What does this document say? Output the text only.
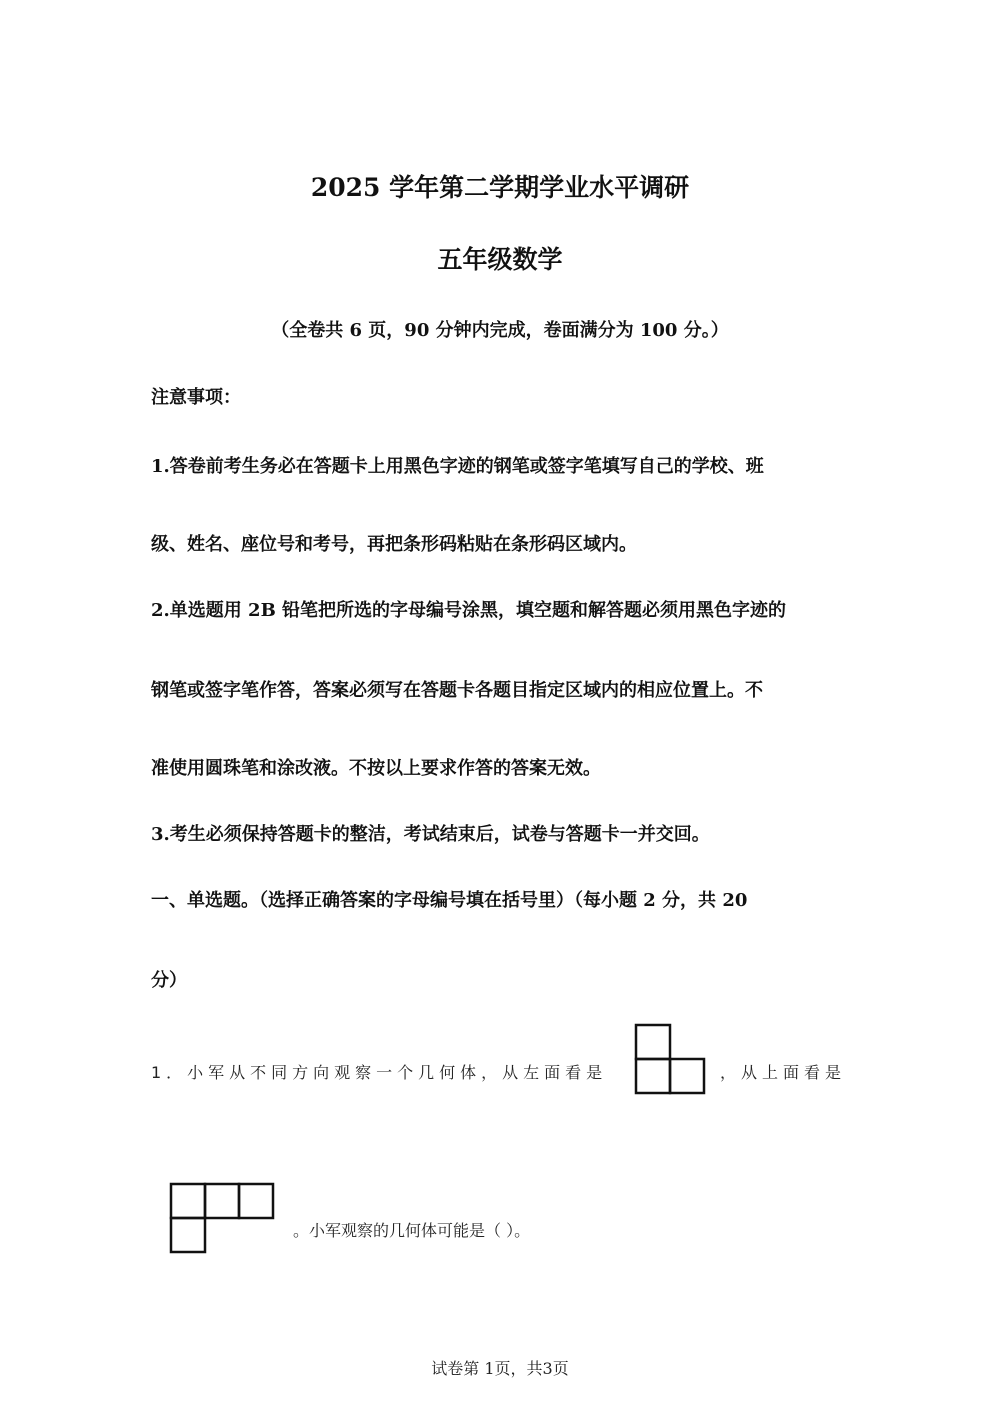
2025 学年第二学期学业水平调研
五年级数学
（全卷共 6 页，90 分钟内完成，卷面满分为 100 分。）
注意事项：
1.答卷前考生务必在答题卡上用黑色字迹的钢笔或签字笔填写自己的学校、班
级、姓名、座位号和考号，再把条形码粘贴在条形码区域内。
2.单选题用 2B 铅笔把所选的字母编号涂黑，填空题和解答题必须用黑色字迹的
钢笔或签字笔作答，答案必须写在答题卡各题目指定区域内的相应位置上。不
准使用圆珠笔和涂改液。不按以上要求作答的答案无效。
3.考生必须保持答题卡的整洁，考试结束后，试卷与答题卡一并交回。
一、单选题。（选择正确答案的字母编号填在括号里）（每小题 2 分，共 20
分）
1．小军从不同方向观察一个几何体，从左面看是	，从上面看是
。小军观察的几何体可能是（ ）。
试卷第 1页，共3页
